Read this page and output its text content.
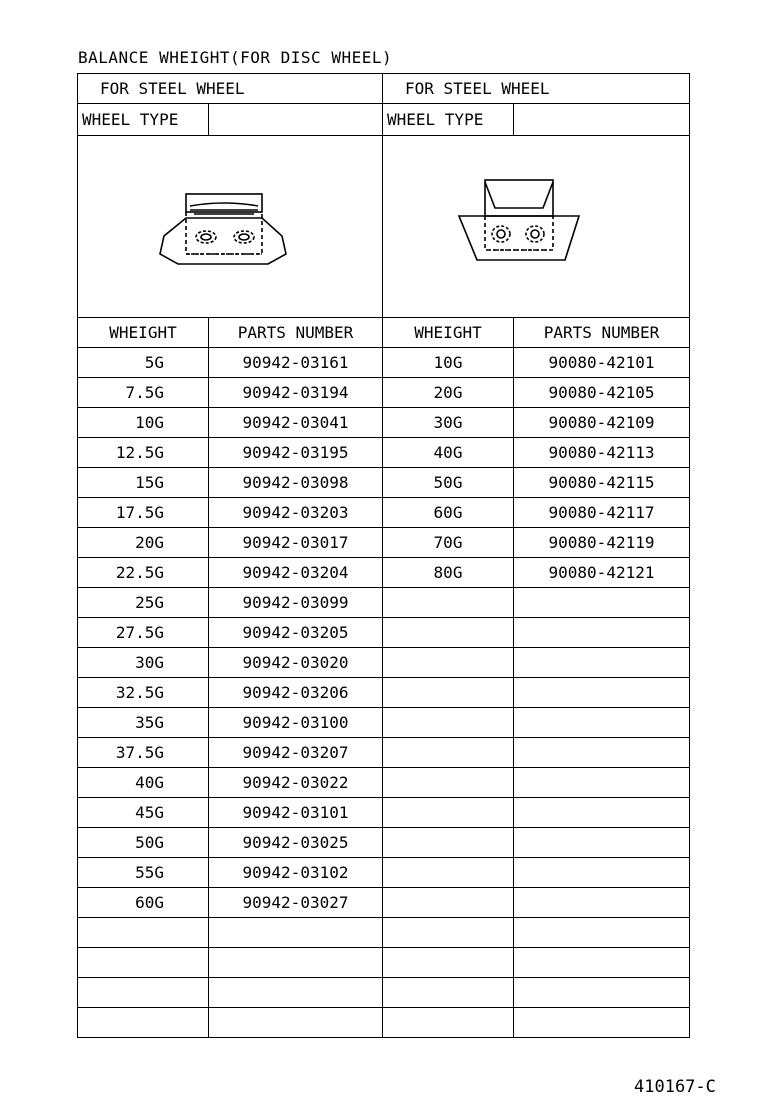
BALANCE WHEIGHT(FOR DISC WHEEL)
FOR STEEL WHEEL		FOR STEEL WHEEL	
WHEEL TYPE		WHEEL TYPE	

WHEIGHT	PARTS NUMBER	WHEIGHT	PARTS NUMBER
5G	90942-03161	10G	90080-42101
7.5G	90942-03194	20G	90080-42105
10G	90942-03041	30G	90080-42109
12.5G	90942-03195	40G	90080-42113
15G	90942-03098	50G	90080-42115
17.5G	90942-03203	60G	90080-42117
20G	90942-03017	70G	90080-42119
22.5G	90942-03204	80G	90080-42121
25G	90942-03099		
27.5G	90942-03205		
30G	90942-03020		
32.5G	90942-03206		
35G	90942-03100		
37.5G	90942-03207		
40G	90942-03022		
45G	90942-03101		
50G	90942-03025		
55G	90942-03102		
60G	90942-03027		

410167-C
